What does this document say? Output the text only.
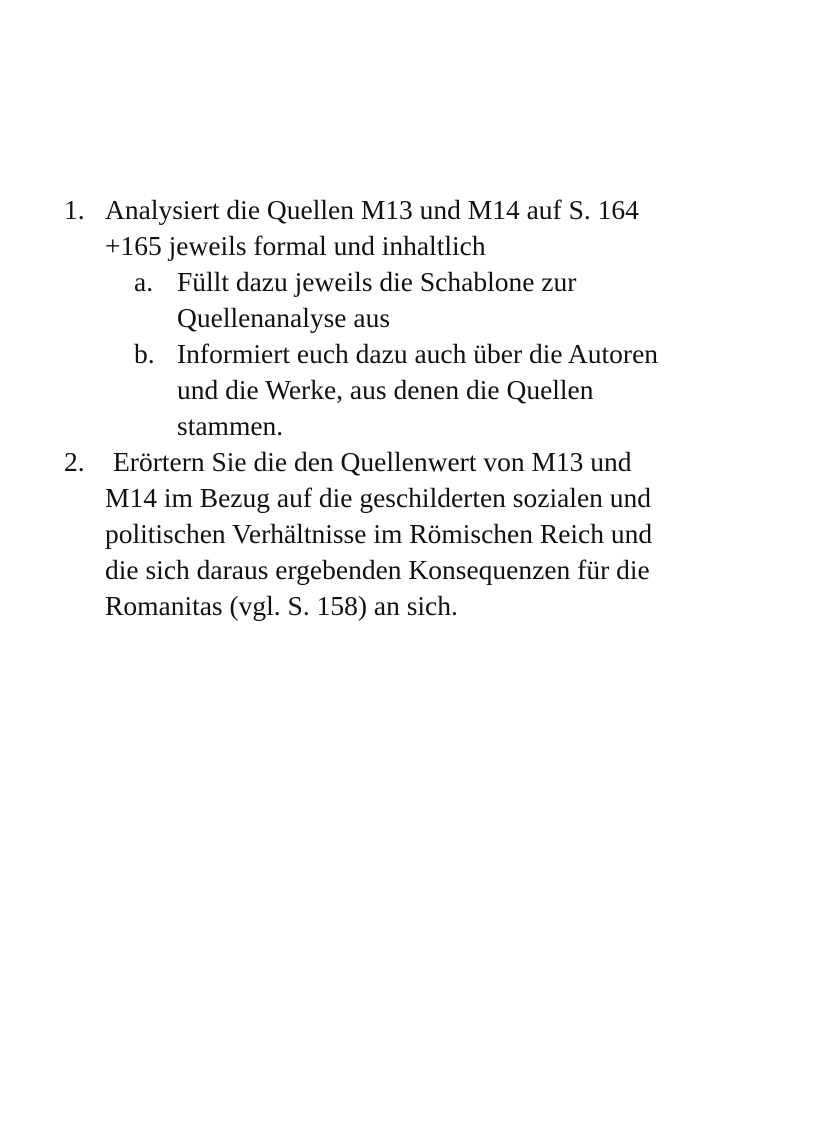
1. Analysiert die Quellen M13 und M14 auf S. 164
+165 jeweils formal und inhaltlich
a. Füllt dazu jeweils die Schablone zur
Quellenanalyse aus
b. Informiert euch dazu auch über die Autoren
und die Werke, aus denen die Quellen
stammen.
2.	Erörtern Sie die den Quellenwert von M13 und
M14 im Bezug auf die geschilderten sozialen und
politischen Verhältnisse im Römischen Reich und
die sich daraus ergebenden Konsequenzen für die
Romanitas (vgl. S. 158) an sich.
